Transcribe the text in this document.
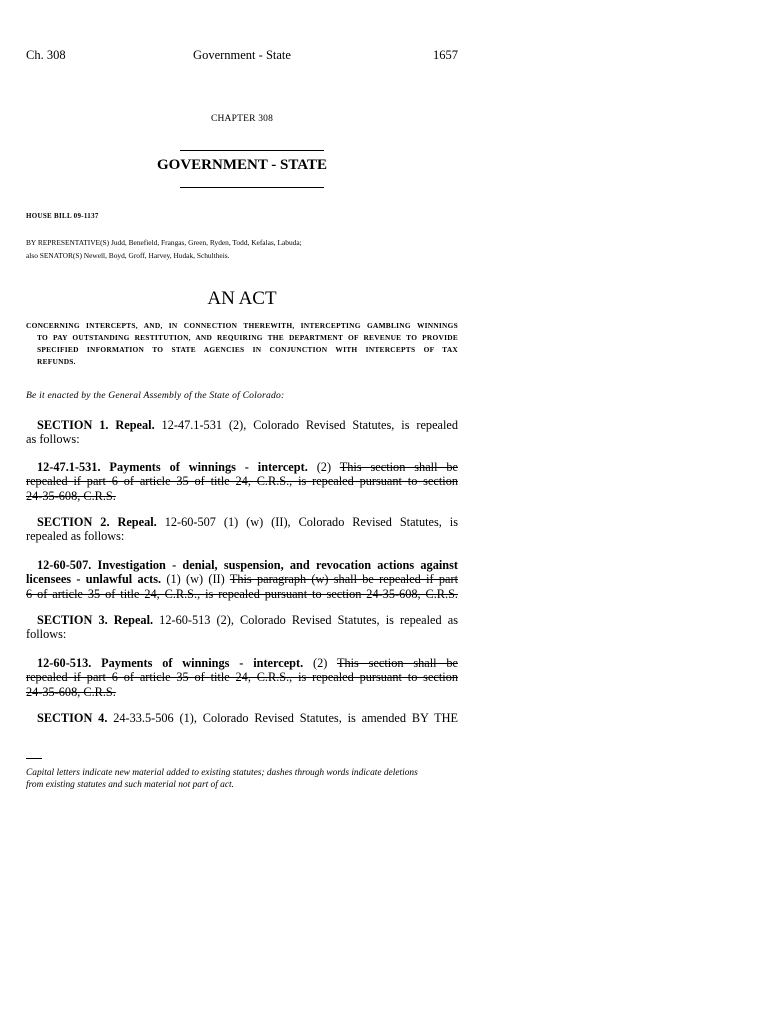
Ch. 308	Government - State	1657
CHAPTER 308
GOVERNMENT - STATE
HOUSE BILL 09-1137
BY REPRESENTATIVE(S) Judd, Benefield, Frangas, Green, Ryden, Todd, Kefalas, Labuda;
also SENATOR(S) Newell, Boyd, Groff, Harvey, Hudak, Schultheis.
AN ACT
CONCERNING INTERCEPTS, AND, IN CONNECTION THEREWITH, INTERCEPTING GAMBLING WINNINGS
TO PAY OUTSTANDING RESTITUTION, AND REQUIRING THE DEPARTMENT OF REVENUE TO PROVIDE
SPECIFIED INFORMATION TO STATE AGENCIES IN CONJUNCTION WITH INTERCEPTS OF TAX
REFUNDS.
Be it enacted by the General Assembly of the State of Colorado:
SECTION 1. Repeal. 12-47.1-531 (2), Colorado Revised Statutes, is repealed
as follows:
12-47.1-531. Payments of winnings - intercept. (2) This section shall be
repealed if part 6 of article 35 of title 24, C.R.S., is repealed pursuant to section
24-35-608, C.R.S.
SECTION 2. Repeal. 12-60-507 (1) (w) (II), Colorado Revised Statutes, is
repealed as follows:
12-60-507. Investigation - denial, suspension, and revocation actions against
licensees - unlawful acts. (1) (w) (II) This paragraph (w) shall be repealed if part
6 of article 35 of title 24, C.R.S., is repealed pursuant to section 24-35-608, C.R.S.
SECTION 3. Repeal. 12-60-513 (2), Colorado Revised Statutes, is repealed as
follows:
12-60-513. Payments of winnings - intercept. (2) This section shall be
repealed if part 6 of article 35 of title 24, C.R.S., is repealed pursuant to section
24-35-608, C.R.S.
SECTION 4. 24-33.5-506 (1), Colorado Revised Statutes, is amended BY THE
Capital letters indicate new material added to existing statutes; dashes through words indicate deletions
from existing statutes and such material not part of act.
